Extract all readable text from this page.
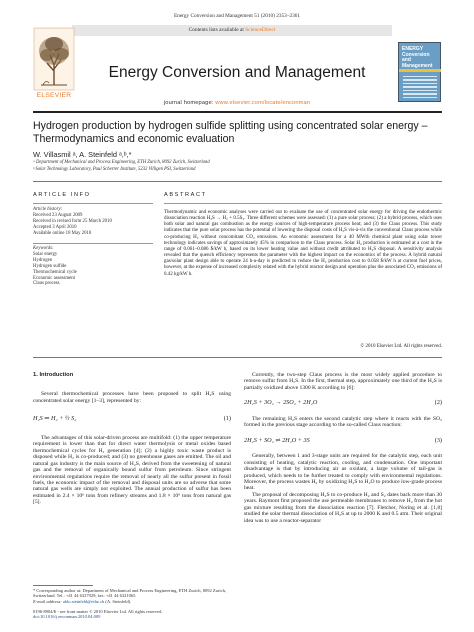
Energy Conversion and Management 51 (2010) 2353–2361
Contents lists available at ScienceDirect
ELSEVIER
Energy Conversion and Management
journal homepage: www.elsevier.com/locate/enconman
ENERGY Conversion and Management
Hydrogen production by hydrogen sulfide splitting using concentrated solar energy – Thermodynamics and economic evaluation
W. Villasmil ᵃ, A. Steinfeld ᵃ,ᵇ,*
ᵃ Department of Mechanical and Process Engineering, ETH Zurich, 8092 Zurich, Switzerland
ᵇ Solar Technology Laboratory, Paul Scherrer Institute, 5232 Villigen PSI, Switzerland
ARTICLE INFO
Article history:
Received 23 August 2009
Received in revised form 25 March 2010
Accepted 3 April 2010
Available online 18 May 2010
Keywords:
Solar energy
Hydrogen
Hydrogen sulfide
Thermochemical cycle
Economic assessment
Claus process
ABSTRACT
Thermodynamic and economic analyses were carried out to evaluate the use of concentrated solar energy for driving the endothermic dissociation reaction H₂S → H₂ + 0.5S₂. Three different schemes were assessed: (1) a pure solar process; (2) a hybrid process, which uses both solar and natural gas combustion as the energy sources of high-temperature process heat; and (3) the Claus process. This study indicates that the pure solar process has the potential of lowering the disposal costs of H₂S vis-à-vis the conventional Claus process while co-producing H₂ without concomitant CO₂ emissions. An economic assessment for a 40 MWth chemical plant using solar tower technology indicates savings of approximately 45% in comparison to the Claus process. Solar H₂ production is estimated at a cost in the range of 0.061–0.086 $/kW h, based on its lower heating value and without credit attributed to H₂S disposal. A sensitivity analysis revealed that the quench efficiency represents the parameter with the highest impact on the economics of the process. A hybrid natural gas/solar plant design able to operate 24 h-a-day is predicted to reduce the H₂ production cost to 0.058 $/kW h at current fuel prices, however, at the expense of increased complexity related with the hybrid reactor design and operation plus the associated CO₂ emissions of 0.42 kg/kW h.
© 2010 Elsevier Ltd. All rights reserved.
1. Introduction

Several thermochemical processes have been proposed to split H₂S using concentrated solar energy [1–3], represented by:

H₂S ⇒ H₂ + ½ S₂	(1)

The advantages of this solar-driven process are multifold: (1) the upper temperature requirement is lower than that for direct water thermolysis or metal oxides based thermochemical cycles for H₂ generation [4]; (2) a highly toxic waste product is disposed while H₂ is co-produced; and (3) no greenhouse gases are emitted. The oil and natural gas industry is the main source of H₂S, derived from the sweetening of natural gas and the removal of organically bound sulfur from petroleum. Since stringent environmental regulations require the removal of nearly all the sulfur present in fossil fuels, the economic impact of the removal and disposal units are so adverse that some natural gas wells are simply not exploited. The annual production of sulfur has been estimated in 2.4 × 10⁶ tons from refinery streams and 1.8 × 10⁶ tons from natural gas [5].

Currently, the two-step Claus process is the most widely applied procedure to remove sulfur from H₂S. In the first, thermal step, approximately one third of the H₂S is partially oxidized above 1300 K according to [6]:

2H₂S + 3O₂ → 2SO₂ + 2H₂O	(2)

The remaining H₂S enters the second catalytic step where it reacts with the SO₂ formed in the previous stage according to the so-called Claus reaction:

2H₂S + SO₂ ⇌ 2H₂O + 3S	(3)

Generally, between 1 and 3-stage units are required for the catalytic step, each unit consisting of heating, catalytic reaction, cooling, and condensation. One important disadvantage is that by introducing air as oxidant, a large volume of tail-gas is produced, which needs to be further treated to comply with environmental regulations. Moreover, the process wastes H₂ by oxidizing H₂S to H₂O to produce low-grade process heat.

The proposal of decomposing H₂S to co-produce H₂ and S₂ dates back more than 30 years. Raymont first proposed the use permeable membranes to remove H₂ from the hot gas mixture resulting from the dissociation reaction [7]. Fletcher, Noring et al. [1,8] studied the solar thermal dissociation of H₂S at up to 2000 K and 0.5 atm. Their original idea was to use a reactor-separator

* Corresponding author at: Department of Mechanical and Process Engineering, ETH Zurich, 8092 Zurich, Switzerland. Tel.: +41 44 6327929; fax: +41 44 6321065.
E-mail address: aldo.steinfeld@ethz.ch (A. Steinfeld).
0196-8904/$ - see front matter © 2010 Elsevier Ltd. All rights reserved.
doi:10.1016/j.enconman.2010.04.009
